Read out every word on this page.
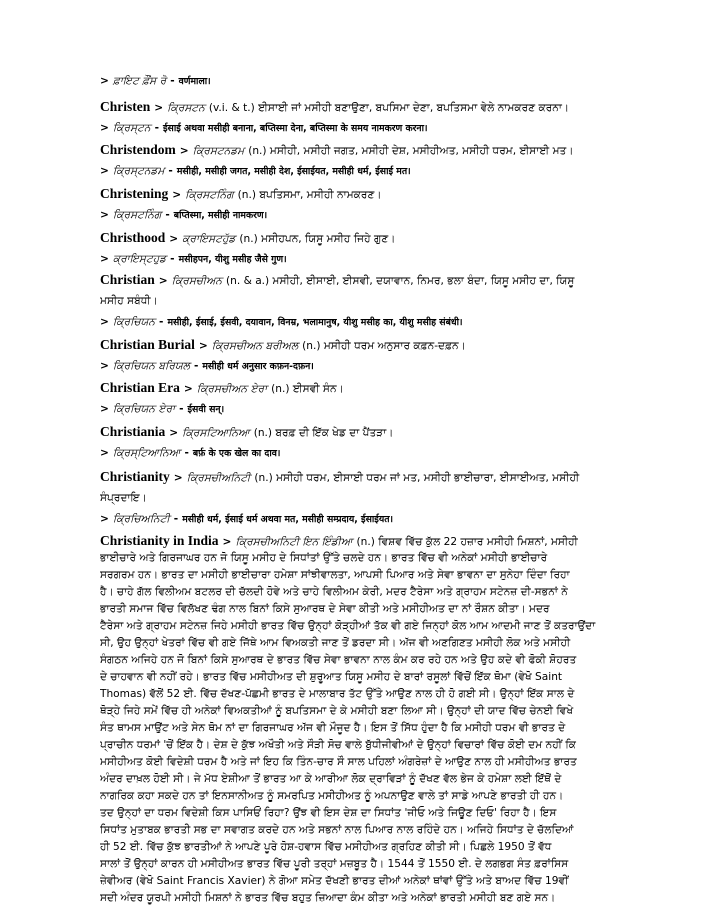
> ਫ਼ਾਇਟ ਫ਼ੌਂਸ ਰੋ - वर्णमाला।
Christen > ਕ੍ਰਿਸਟਨ (v.i. & t.) ਈਸਾਈ ਜਾਂ ਮਸੀਹੀ ਬਣਾਉਣਾ, ਬਪਸਿਮਾ ਦੇਣਾ, ਬਪਤਿਸਮਾ ਵੇਲੇ ਨਾਮਕਰਣ ਕਰਨਾ।
> ਕ੍ਰਿਸ੍ਟਨ - ईसाई अथवा मसीही बनाना, बप्तिस्मा देना, बप्तिस्मा के समय नामकरण करना।
Christendom > ਕ੍ਰਿਸਟਨਡਮ (n.) ਮਸੀਹੀ, ਮਸੀਹੀ ਜਗਤ, ਮਸੀਹੀ ਦੇਸ਼, ਮਸੀਹੀਅਤ, ਮਸੀਹੀ ਧਰਮ, ਈਸਾਈ ਮਤ।
> ਕ੍ਰਿਸ੍ਟਨਡਮ - मसीही, मसीही जगत, मसीही देश, ईसाईयत, मसीही धर्म, ईसाई मत।
Christening > ਕ੍ਰਿਸਟਨਿੰਗ (n.) ਬਪਤਿਸਮਾ, ਮਸੀਹੀ ਨਾਮਕਰਣ।
> ਕ੍ਰਿਸਟਨਿੰਗ - बप्तिस्मा, मसीही नामकरण।
Christhood > ਕ੍ਰਾਇਸਟਹੁੱਡ (n.) ਮਸੀਹਪਨ, ਯਿਸੂ ਮਸੀਹ ਜਿਹੇ ਗੁਣ।
> ਕ੍ਰਾਇਸ੍ਟਹੁਡ - मसीहपन, यीशु मसीह जैसे गुण।
Christian > ਕ੍ਰਿਸਚੀਅਨ (n. & a.) ਮਸੀਹੀ, ਈਸਾਈ, ਈਸਵੀ, ਦਯਾਵਾਨ, ਨਿਮਰ, ਭਲਾ ਬੰਦਾ, ਯਿਸੂ ਮਸੀਹ ਦਾ, ਯਿਸੂ
ਮਸੀਹ ਸਬੰਧੀ।
> ਕ੍ਰਿਚਿਯਨ - मसीही, ईसाई, ईसवी, दयावान, विनम्र, भलामानुष, यीशु मसीह का, यीशु मसीह संबंधी।
Christian Burial > ਕ੍ਰਿਸਚੀਅਨ ਬਰੀਅਲ (n.) ਮਸੀਹੀ ਧਰਮ ਅਨੁਸਾਰ ਕਫ਼ਨ-ਦਫ਼ਨ।
> ਕ੍ਰਿਚਿਯਨ ਬਰਿਯਲ - मसीही धर्म अनुसार कफ़न-दफ़न।
Christian Era > ਕ੍ਰਿਸਚੀਅਨ ਏਰਾ (n.) ਈਸਵੀ ਸੰਨ।
> ਕ੍ਰਿਚਿਯਨ ਏਰਾ - ईसवी सन्।
Christiania > ਕ੍ਰਿਸਟਿਆਨਿਆ (n.) ਬਰਫ਼ ਦੀ ਇੱਕ ਖੇਡ ਦਾ ਪੈਂਤੜਾ।
> ਕ੍ਰਿਸ੍ਟਿਆਨਿਆ - बर्फ़ के एक खेल का दाव।
Christianity > ਕ੍ਰਿਸਚੀਅਨਿਟੀ (n.) ਮਸੀਹੀ ਧਰਮ, ਈਸਾਈ ਧਰਮ ਜਾਂ ਮਤ, ਮਸੀਹੀ ਭਾਈਚਾਰਾ, ਈਸਾਈਅਤ, ਮਸੀਹੀ
ਸੰਪ੍ਰਦਾਇ।
> ਕ੍ਰਿਚਿਅਨਿਟੀ - मसीही धर्म, ईसाई धर्म अथवा मत, मसीही सम्प्रदाय, ईसाईयत।
Christianity in India > ਕ੍ਰਿਸਚੀਅਨਿਟੀ ਇਨ ਇੰਡੀਆ (n.) ਵਿਸ਼ਵ ਵਿੱਚ ਕੁੱਲ 22 ਹਜ਼ਾਰ ਮਸੀਹੀ ਮਿਸ਼ਨਾਂ, ਮਸੀਹੀ
ਭਾਈਚਾਰੇ ਅਤੇ ਗਿਰਜਾਘਰ ਹਨ ਜੋ ਯਿਸੂ ਮਸੀਹ ਦੇ ਸਿਧਾਂਤਾਂ ਉੱਤੇ ਚਲਦੇ ਹਨ। ਭਾਰਤ ਵਿੱਚ ਵੀ ਅਨੇਕਾਂ ਮਸੀਹੀ ਭਾਈਚਾਰੇ
ਸਰਗਰਮ ਹਨ। ਭਾਰਤ ਦਾ ਮਸੀਹੀ ਭਾਈਚਾਰਾ ਹਮੇਸ਼ਾ ਸਾਂਝੀਵਾਲਤਾ, ਆਪਸੀ ਪਿਆਰ ਅਤੇ ਸੇਵਾ ਭਾਵਨਾ ਦਾ ਸੁਨੇਹਾ ਦਿੰਦਾ ਰਿਹਾ
ਹੈ। ਚਾਹੇ ਗੱਲ ਵਿਲੀਅਮ ਬਟਲਰ ਦੀ ਚੱਲਦੀ ਹੋਵੇ ਅਤੇ ਚਾਹੇ ਵਿਲੀਅਮ ਕੇਰੀ, ਮਦਰ ਟੈਰੇਸਾ ਅਤੇ ਗ੍ਰਾਹਮ ਸਟੇਨਜ਼ ਦੀ-ਸਭਨਾਂ ਨੇ
ਭਾਰਤੀ ਸਮਾਜ ਵਿੱਚ ਵਿਲੱਖਣ ਢੰਗ ਨਾਲ ਬਿਨਾਂ ਕਿਸੇ ਸੁਆਰਥ ਦੇ ਸੇਵਾ ਕੀਤੀ ਅਤੇ ਮਸੀਹੀਅਤ ਦਾ ਨਾਂ ਰੌਸ਼ਨ ਕੀਤਾ। ਮਦਰ
ਟੈਰੇਸਾ ਅਤੇ ਗ੍ਰਾਹਮ ਸਟੇਨਜ਼ ਜਿਹੇ ਮਸੀਹੀ ਭਾਰਤ ਵਿੱਚ ਉਨ੍ਹਾਂ ਕੋੜ੍ਹੀਆਂ ਤੱਕ ਵੀ ਗਏ ਜਿਨ੍ਹਾਂ ਕੋਲ ਆਮ ਆਦਮੀ ਜਾਣ ਤੋਂ ਕਤਰਾਉਂਦਾ
ਸੀ, ਉਹ ਉਨ੍ਹਾਂ ਖੇਤਰਾਂ ਵਿੱਚ ਵੀ ਗਏ ਜਿੱਥੇ ਆਮ ਵਿਅਕਤੀ ਜਾਣ ਤੋਂ ਡਰਦਾ ਸੀ। ਅੱਜ ਵੀ ਅਣਗਿਣਤ ਮਸੀਹੀ ਲੋਕ ਅਤੇ ਮਸੀਹੀ
ਸੰਗਠਨ ਅਜਿਹੇ ਹਨ ਜੋ ਬਿਨਾਂ ਕਿਸੇ ਸੁਆਰਥ ਦੇ ਭਾਰਤ ਵਿੱਚ ਸੇਵਾ ਭਾਵਨਾ ਨਾਲ ਕੰਮ ਕਰ ਰਹੇ ਹਨ ਅਤੇ ਉਹ ਕਦੇ ਵੀ ਫੋਕੀ ਸ਼ੋਹਰਤ
ਦੇ ਚਾਹਵਾਨ ਵੀ ਨਹੀਂ ਰਹੇ। ਭਾਰਤ ਵਿੱਚ ਮਸੀਹੀਅਤ ਦੀ ਸ਼ੁਰੂਆਤ ਯਿਸੂ ਮਸੀਹ ਦੇ ਬਾਰਾਂ ਰਸੂਲਾਂ ਵਿੱਚੋਂ ਇੱਕ ਥੋਮਾ (ਵੇਖੋ Saint
Thomas) ਵੱਲੋਂ 52 ਈ. ਵਿੱਚ ਦੱਖਣ-ਪੱਛਮੀ ਭਾਰਤ ਦੇ ਮਾਲਾਬਾਰ ਤੱਟ ਉੱਤੇ ਆਉਣ ਨਾਲ ਹੀ ਹੋ ਗਈ ਸੀ। ਉਨ੍ਹਾਂ ਇੱਕ ਸਾਲ ਦੇ
ਥੋੜ੍ਹੇ ਜਿਹੇ ਸਮੇਂ ਵਿੱਚ ਹੀ ਅਨੇਕਾਂ ਵਿਅਕਤੀਆਂ ਨੂੰ ਬਪਤਿਸਮਾ ਦੇ ਕੇ ਮਸੀਹੀ ਬਣਾ ਲਿਆ ਸੀ। ਉਨ੍ਹਾਂ ਦੀ ਯਾਦ ਵਿੱਚ ਚੇਨਈ ਵਿਖੇ
ਸੰਤ ਥਾਮਸ ਮਾਉਂਟ ਅਤੇ ਸੇਨ ਥੋਮ ਨਾਂ ਦਾ ਗਿਰਜਾਘਰ ਅੱਜ ਵੀ ਮੌਜੂਦ ਹੈ। ਇਸ ਤੋਂ ਸਿੱਧ ਹੁੰਦਾ ਹੈ ਕਿ ਮਸੀਹੀ ਧਰਮ ਵੀ ਭਾਰਤ ਦੇ
ਪ੍ਰਾਚੀਨ ਧਰਮਾਂ 'ਚੋਂ ਇੱਕ ਹੈ। ਦੇਸ਼ ਦੇ ਕੁੱਝ ਅਖੌਤੀ ਅਤੇ ਸੌੜੀ ਸੋਚ ਵਾਲੇ ਬੁੱਧੀਜੀਵੀਆਂ ਦੇ ਉਨ੍ਹਾਂ ਵਿਚਾਰਾਂ ਵਿੱਚ ਕੋਈ ਦਮ ਨਹੀਂ ਕਿ
ਮਸੀਹੀਅਤ ਕੋਈ ਵਿਦੇਸ਼ੀ ਧਰਮ ਹੈ ਅਤੇ ਜਾਂ ਇਹ ਕਿ ਤਿੰਨ-ਚਾਰ ਸੌ ਸਾਲ ਪਹਿਲਾਂ ਅੰਗਰੇਜ਼ਾਂ ਦੇ ਆਉਣ ਨਾਲ ਹੀ ਮਸੀਹੀਅਤ ਭਾਰਤ
ਅੰਦਰ ਦਾਖ਼ਲ ਹੋਈ ਸੀ। ਜੇ ਮੱਧ ਏਸ਼ੀਆ ਤੋਂ ਭਾਰਤ ਆ ਕੇ ਆਰੀਆ ਲੋਕ ਦ੍ਰਾਵਿੜਾਂ ਨੂੰ ਦੱਖਣ ਵੱਲ ਭੇਜ ਕੇ ਹਮੇਸ਼ਾ ਲਈ ਇੱਥੋਂ ਦੇ
ਨਾਗਰਿਕ ਕਹਾ ਸਕਦੇ ਹਨ ਤਾਂ ਇਨਸਾਨੀਅਤ ਨੂੰ ਸਮਰਪਿਤ ਮਸੀਹੀਅਤ ਨੂੰ ਅਪਨਾਉਣ ਵਾਲੇ ਤਾਂ ਸਾਡੇ ਆਪਣੇ ਭਾਰਤੀ ਹੀ ਹਨ।
ਤਦ ਉਨ੍ਹਾਂ ਦਾ ਧਰਮ ਵਿਦੇਸ਼ੀ ਕਿਸ ਪਾਸਿਓਂ ਰਿਹਾ? ਉਂਝ ਵੀ ਇਸ ਦੇਸ਼ ਦਾ ਸਿਧਾਂਤ 'ਜੀਓ ਅਤੇ ਜਿਊਣ ਦਿਓ' ਰਿਹਾ ਹੈ। ਇਸ
ਸਿਧਾਂਤ ਮੁਤਾਬਕ ਭਾਰਤੀ ਸਭ ਦਾ ਸਵਾਗਤ ਕਰਦੇ ਹਨ ਅਤੇ ਸਭਨਾਂ ਨਾਲ ਪਿਆਰ ਨਾਲ ਰਹਿੰਦੇ ਹਨ। ਅਜਿਹੇ ਸਿਧਾਂਤ ਦੇ ਚੱਲਦਿਆਂ
ਹੀ 52 ਈ. ਵਿੱਚ ਕੁੱਝ ਭਾਰਤੀਆਂ ਨੇ ਆਪਣੇ ਪੂਰੇ ਹੋਸ਼-ਹਵਾਸ ਵਿੱਚ ਮਸੀਹੀਅਤ ਗ੍ਰਹਿਣ ਕੀਤੀ ਸੀ। ਪਿਛਲੇ 1950 ਤੋਂ ਵੱਧ
ਸਾਲਾਂ ਤੋਂ ਉਨ੍ਹਾਂ ਕਾਰਨ ਹੀ ਮਸੀਹੀਅਤ ਭਾਰਤ ਵਿੱਚ ਪੂਰੀ ਤਰ੍ਹਾਂ ਮਜ਼ਬੂਤ ਹੈ। 1544 ਤੋਂ 1550 ਈ. ਦੇ ਲਗਭਗ ਸੰਤ ਫ਼ਰਾਂਸਿਸ
ਜ਼ੇਵੀਅਰ (ਵੇਖੋ Saint Francis Xavier) ਨੇ ਗੋਆ ਸਮੇਤ ਦੱਖਣੀ ਭਾਰਤ ਦੀਆਂ ਅਨੇਕਾਂ ਥਾਂਵਾਂ ਉੱਤੇ ਅਤੇ ਬਾਅਦ ਵਿੱਚ 19ਵੀਂ
ਸਦੀ ਅੰਦਰ ਯੂਰਪੀ ਮਸੀਹੀ ਮਿਸ਼ਨਾਂ ਨੇ ਭਾਰਤ ਵਿੱਚ ਬਹੁਤ ਜ਼ਿਆਦਾ ਕੰਮ ਕੀਤਾ ਅਤੇ ਅਨੇਕਾਂ ਭਾਰਤੀ ਮਸੀਹੀ ਬਣ ਗਏ ਸਨ।
